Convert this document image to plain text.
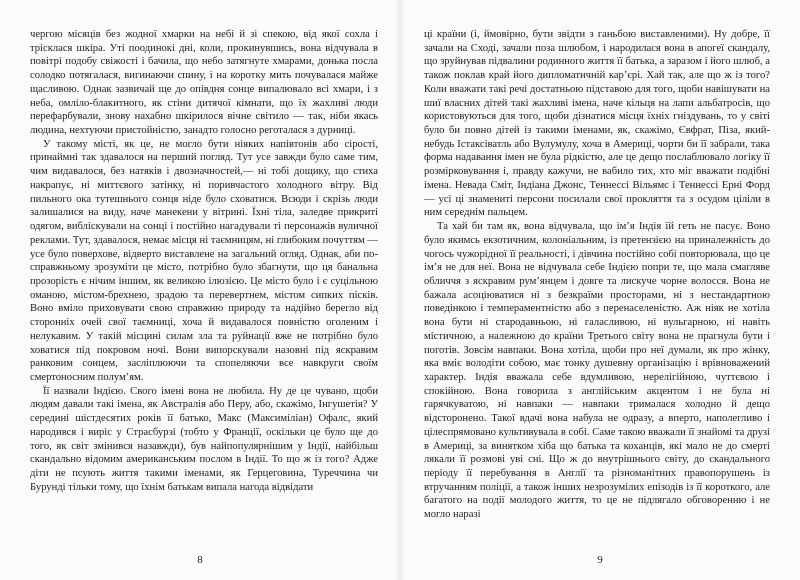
чергою місяців без жодної хмарки на небі й зі спекою, від якої сохла і трісклася шкіра. Уті поодинокі дні, коли, прокинувшись, вона відчувала в повітрі подобу свіжості і бачила, що небо затягнуте хмарами, донька посла солодко потягалася, вигинаючи спину, і на коротку мить почувалася майже щасливою. Однак зазвичай ще до опівдня сонце випалювало всі хмари, і з неба, омліло-блакитного, як стіни дитячої кімнати, що їх жахливі люди перефарбували, знову нахабно шкірилося вічне світило — так, ніби якась людина, нехтуючи пристойністю, занадто голосно реготалася з дурниці.

У такому місті, як це, не могло бути ніяких напівтонів або сірості, принаймні так здавалося на перший погляд. Тут усе завжди було саме тим, чим видавалося, без натяків і двозначностей,— ні тобі дощику, що стиха накрапує, ні миттєвого затінку, ні поривчастого холодного вітру. Від пильного ока тутешнього сонця ніде було сховатися. Всюди і скрізь люди залишалися на виду, наче манекени у вітрині. Їхні тіла, заледве прикриті одягом, вибліскували на сонці і постійно нагадували ті персонажів вуличної реклами. Тут, здавалося, немає місця ні таємницям, ні глибоким почуттям — усе було поверхове, відверто виставлене на загальний огляд. Однак, аби по-справжньому зрозуміти це місто, потрібно було збагнути, що ця банальна прозорість є нічим іншим, як великою ілюзією. Це місто було і є суцільною оманою, містом-брехнею, зрадою та перевертнем, містом сипких пісків. Воно вміло приховувати свою справжню природу та надійно берегло від сторонніх очей свої таємниці, хоча й видавалося повністю оголеним і нелукавим. У такій місцині силам зла та руйнації вже не потрібно було ховатися під покровом ночі. Вони випорскували назовні під яскравим ранковим сонцем, засліплюючи та спопеляючи все навкруги своїм смертоносним полум’ям.

Її назвали Індією. Свого імені вона не любила. Ну де це чувано, щоби людям давали такі імена, як Австралія або Перу, або, скажімо, Інгушетія? У середині шістдесятих років її батько, Макс (Максиміліан) Офалс, який народився і виріс у Страсбурзі (тобто у Франції, оскільки це було ще до того, як світ змінився назавжди), був найпопулярнішим у Індії, найбільш скандально відомим американським послом в Індії. То що ж із того? Адже діти не псують життя такими іменами, як Герцеговина, Туреччина чи Бурунді тільки тому, що їхнім батькам випала нагода відвідати

8

ці країни (і, ймовірно, бути звідти з ганьбою виставленими). Ну добре, її зачали на Сході, зачали поза шлюбом, і народилася вона в апогеї скандалу, що зруйнував підвалини родинного життя її батька, а заразом і його шлюб, а також поклав край його дипломатичній кар’єрі. Хай так, але що ж із того? Коли вважати такі речі достатньою підставою для того, щоби навішувати на шиї власних дітей такі жахливі імена, наче кільця на лапи альбатросів, що користовуються для того, щоби дізнатися місця їхніх гніздувань, то у світі було би повно дітей із такими іменами, як, скажімо, Євфрат, Піза, який-небудь Істаксіватль або Вулумулу, хоча в Америці, чорти би її забрали, така форма надавання імен не була рідкістю, але це дещо послаблювало логіку її розмірковування і, правду кажучи, не вабило тих, хто міг вважати подібні імена. Невада Сміт, Індіана Джонс, Теннессі Вільямс і Теннессі Ерні Форд — усі ці знамениті персони посилали свої прокляття та з осудом ціліли в ним середнім пальцем.

Та хай би там як, вона відчувала, що ім’я Індія їй геть не пасує. Воно було якимсь екзотичним, колоніальним, із претензією на приналежність до чогось чужорідної її реальності, і дівчина постійно собі повторювала, що це ім’я не для неї. Вона не відчувала себе Індією попри те, що мала смагляве обличчя з яскравим рум’янцем і довге та лискуче чорне волосся. Вона не бажала асоціюватися ні з безкраїми просторами, ні з нестандартною поведінкою і темпераментністю або з перенаселеністю. Аж ніяк не хотіла вона бути ні стародавньою, ні галасливою, ні вульгарною, ні навіть містичною, а належною до країни Третього світу вона не прагнула бути і поготів. Зовсім навпаки. Вона хотіла, щоби про неї думали, як про жінку, яка вміє володіти собою, має тонку душевну організацію і врівноважений характер. Індія вважала себе вдумливою, нерелігійною, чуттєвою і спокійною. Вона говорила з англійським акцентом і не була ні гарячкуватою, ні навпаки — навпаки трималася холодно й дещо відсторонено. Такої вдачі вона набула не одразу, а вперто, наполегливо і цілеспрямовано культивувала в собі. Саме такою вважали її знайомі та друзі в Америці, за винятком хіба що батька та коханців, які мало не до смерті лякали її розмові уві сні. Що ж до внутрішнього світу, до скандального періоду її перебування в Англії та різноманітних правопорушень із втручанням поліції, а також інших незрозумілих епізодів із її короткого, але багатого на події молодого життя, то це не підлягало обговоренню і не могло наразі

9
